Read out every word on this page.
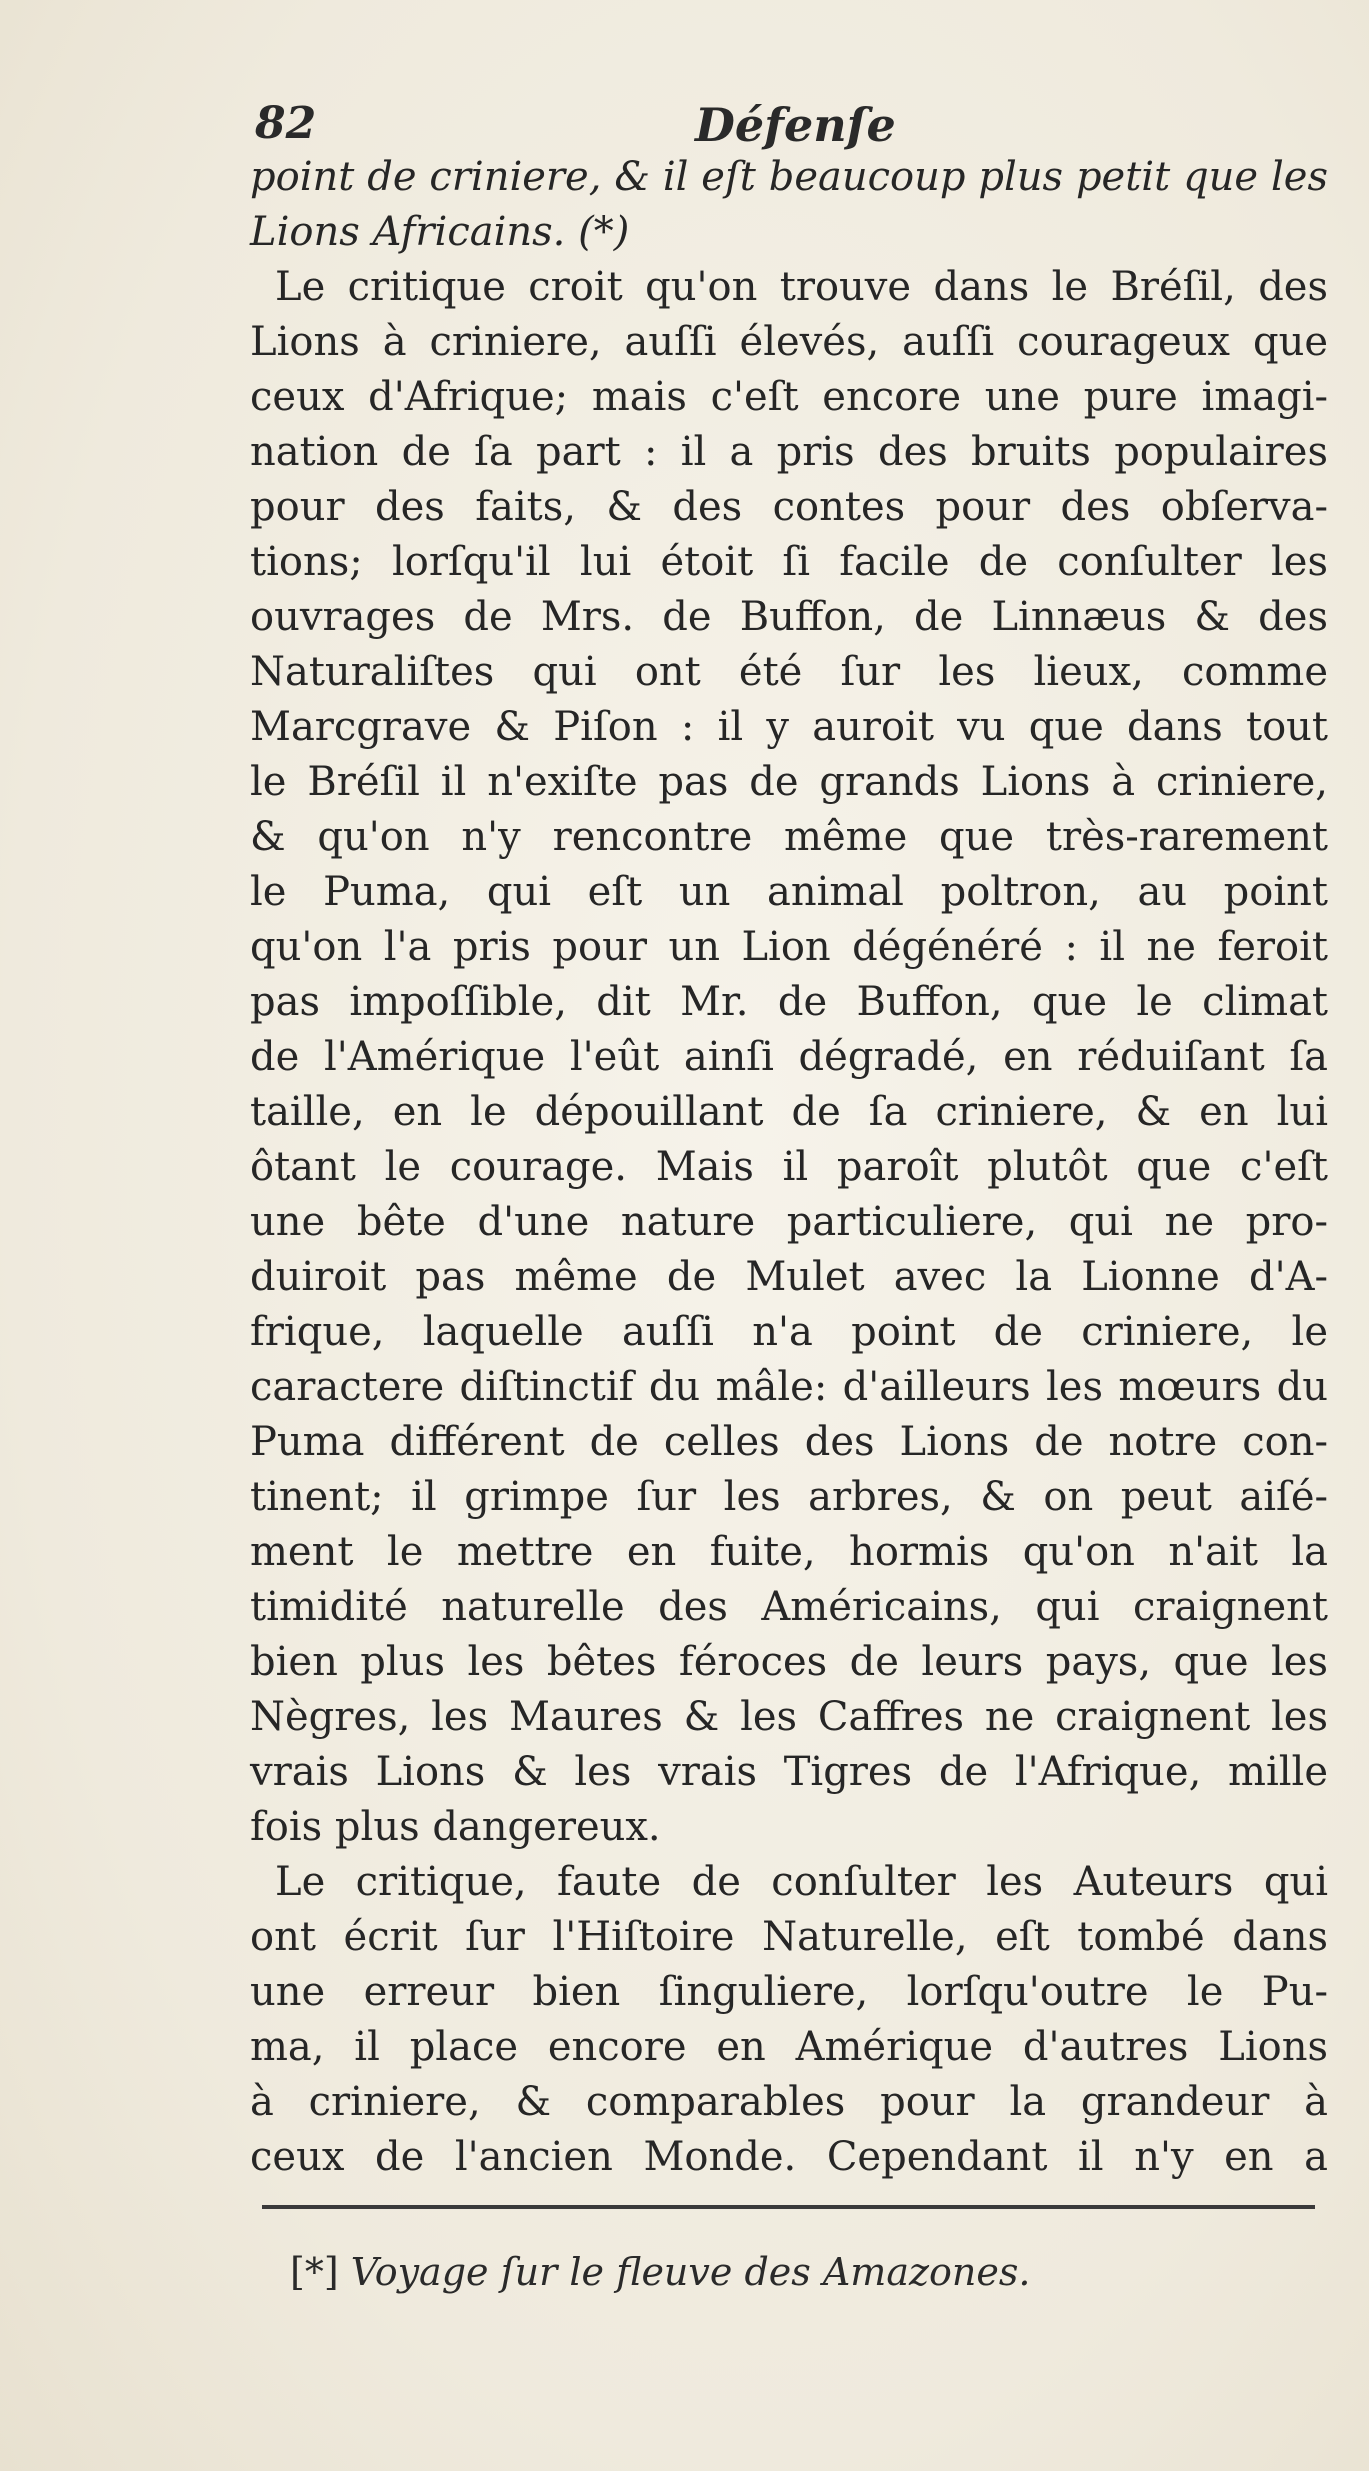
82	Défenſe
point de criniere, & il eſt beaucoup plus petit que les
Lions Africains. (*)
Le critique croit qu'on trouve dans le Bréſil, des
Lions à criniere, auſſi élevés, auſſi courageux que
ceux d'Afrique; mais c'eſt encore une pure imagi-
nation de ſa part : il a pris des bruits populaires
pour des faits, & des contes pour des obſerva-
tions; lorſqu'il lui étoit ſi facile de conſulter les
ouvrages de Mrs. de Buffon, de Linnæus & des
Naturaliſtes qui ont été ſur les lieux, comme
Marcgrave & Piſon : il y auroit vu que dans tout
le Bréſil il n'exiſte pas de grands Lions à criniere,
& qu'on n'y rencontre même que très-rarement
le Puma, qui eſt un animal poltron, au point
qu'on l'a pris pour un Lion dégénéré : il ne feroit
pas impoſſible, dit Mr. de Buffon, que le climat
de l'Amérique l'eût ainſi dégradé, en réduiſant ſa
taille, en le dépouillant de ſa criniere, & en lui
ôtant le courage. Mais il paroît plutôt que c'eſt
une bête d'une nature particuliere, qui ne pro-
duiroit pas même de Mulet avec la Lionne d'A-
frique, laquelle auſſi n'a point de criniere, le
caractere diſtinctif du mâle: d'ailleurs les mœurs du
Puma différent de celles des Lions de notre con-
tinent; il grimpe ſur les arbres, & on peut aiſé-
ment le mettre en fuite, hormis qu'on n'ait la
timidité naturelle des Américains, qui craignent
bien plus les bêtes féroces de leurs pays, que les
Nègres, les Maures & les Caffres ne craignent les
vrais Lions & les vrais Tigres de l'Afrique, mille
fois plus dangereux.
Le critique, faute de conſulter les Auteurs qui
ont écrit ſur l'Hiſtoire Naturelle, eſt tombé dans
une erreur bien ſinguliere, lorſqu'outre le Pu-
ma, il place encore en Amérique d'autres Lions
à criniere, & comparables pour la grandeur à
ceux de l'ancien Monde. Cependant il n'y en a
[*] Voyage ſur le fleuve des Amazones.
